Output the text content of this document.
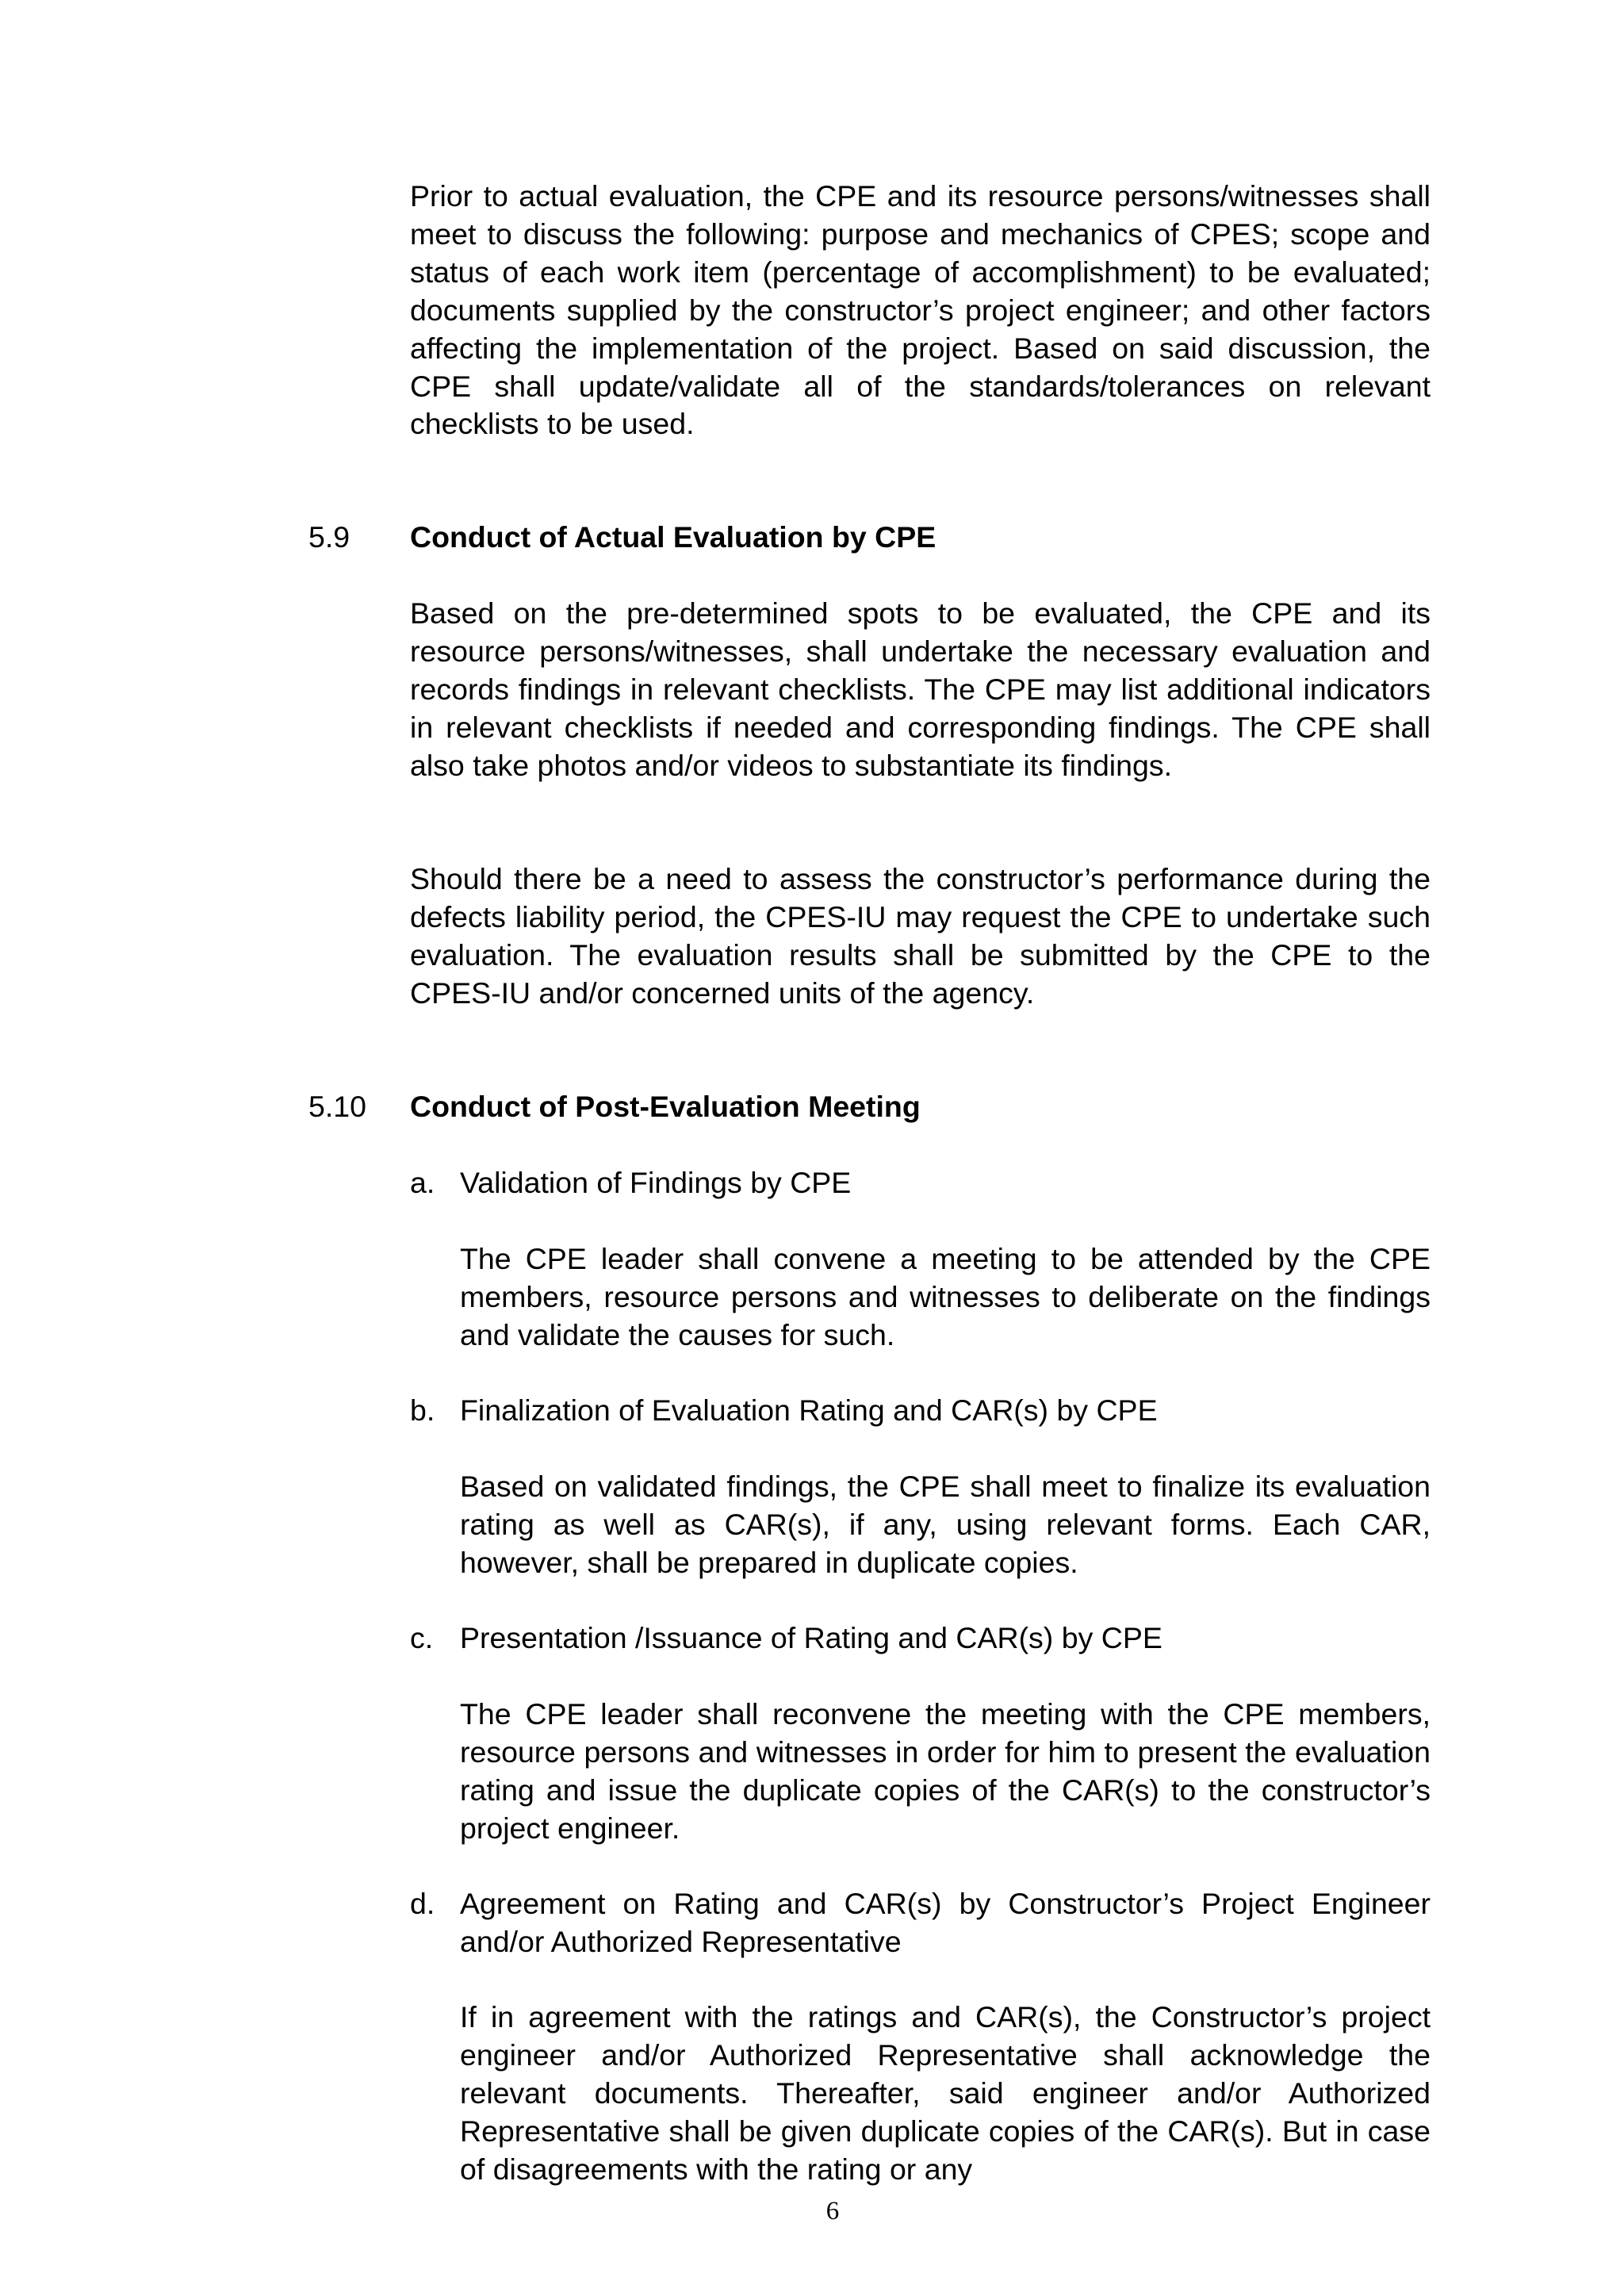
Prior to actual evaluation, the CPE and its resource persons/witnesses shall meet to discuss the following: purpose and mechanics of CPES; scope and status of each work item (percentage of accomplishment) to be evaluated; documents supplied by the constructor’s project engineer; and other factors affecting the implementation of the project. Based on said discussion, the CPE shall update/validate all of the standards/tolerances on relevant checklists to be used.

5.9 Conduct of Actual Evaluation by CPE

Based on the pre-determined spots to be evaluated, the CPE and its resource persons/witnesses, shall undertake the necessary evaluation and records findings in relevant checklists. The CPE may list additional indicators in relevant checklists if needed and corresponding findings. The CPE shall also take photos and/or videos to substantiate its findings.

Should there be a need to assess the constructor’s performance during the defects liability period, the CPES-IU may request the CPE to undertake such evaluation. The evaluation results shall be submitted by the CPE to the CPES-IU and/or concerned units of the agency.

5.10 Conduct of Post-Evaluation Meeting

a. Validation of Findings by CPE

The CPE leader shall convene a meeting to be attended by the CPE members, resource persons and witnesses to deliberate on the findings and validate the causes for such.

b. Finalization of Evaluation Rating and CAR(s) by CPE

Based on validated findings, the CPE shall meet to finalize its evaluation rating as well as CAR(s), if any, using relevant forms. Each CAR, however, shall be prepared in duplicate copies.

c. Presentation /Issuance of Rating and CAR(s) by CPE

The CPE leader shall reconvene the meeting with the CPE members, resource persons and witnesses in order for him to present the evaluation rating and issue the duplicate copies of the CAR(s) to the constructor’s project engineer.

d. Agreement on Rating and CAR(s) by Constructor’s Project Engineer and/or Authorized Representative

If in agreement with the ratings and CAR(s), the Constructor’s project engineer and/or Authorized Representative shall acknowledge the relevant documents. Thereafter, said engineer and/or Authorized Representative shall be given duplicate copies of the CAR(s). But in case of disagreements with the rating or any

6
